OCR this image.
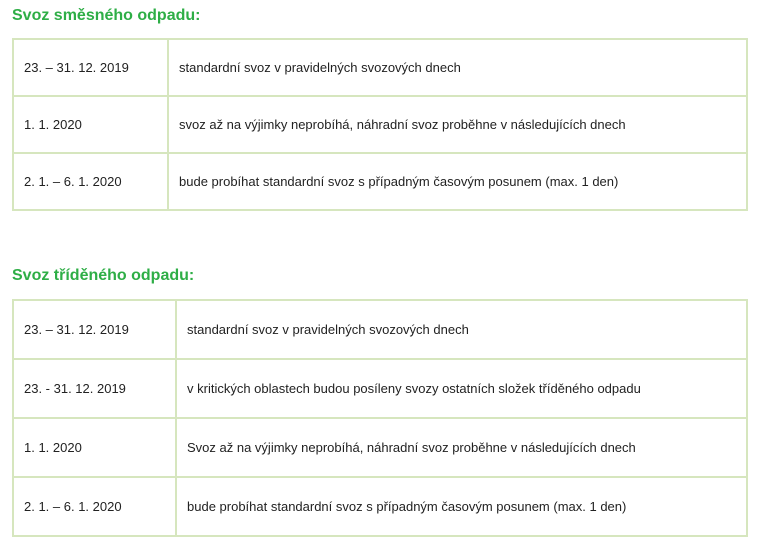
Svoz směsného odpadu:
23. – 31. 12. 2019	standardní svoz v pravidelných svozových dnech
1. 1. 2020	svoz až na výjimky neprobíhá, náhradní svoz proběhne v následujících dnech
2. 1. – 6. 1. 2020	bude probíhat standardní svoz s případným časovým posunem (max. 1 den)
Svoz tříděného odpadu:
23. – 31. 12. 2019	standardní svoz v pravidelných svozových dnech
23. - 31. 12. 2019	v kritických oblastech budou posíleny svozy ostatních složek tříděného odpadu
1. 1. 2020	Svoz až na výjimky neprobíhá, náhradní svoz proběhne v následujících dnech
2. 1. – 6. 1. 2020	bude probíhat standardní svoz s případným časovým posunem (max. 1 den)
